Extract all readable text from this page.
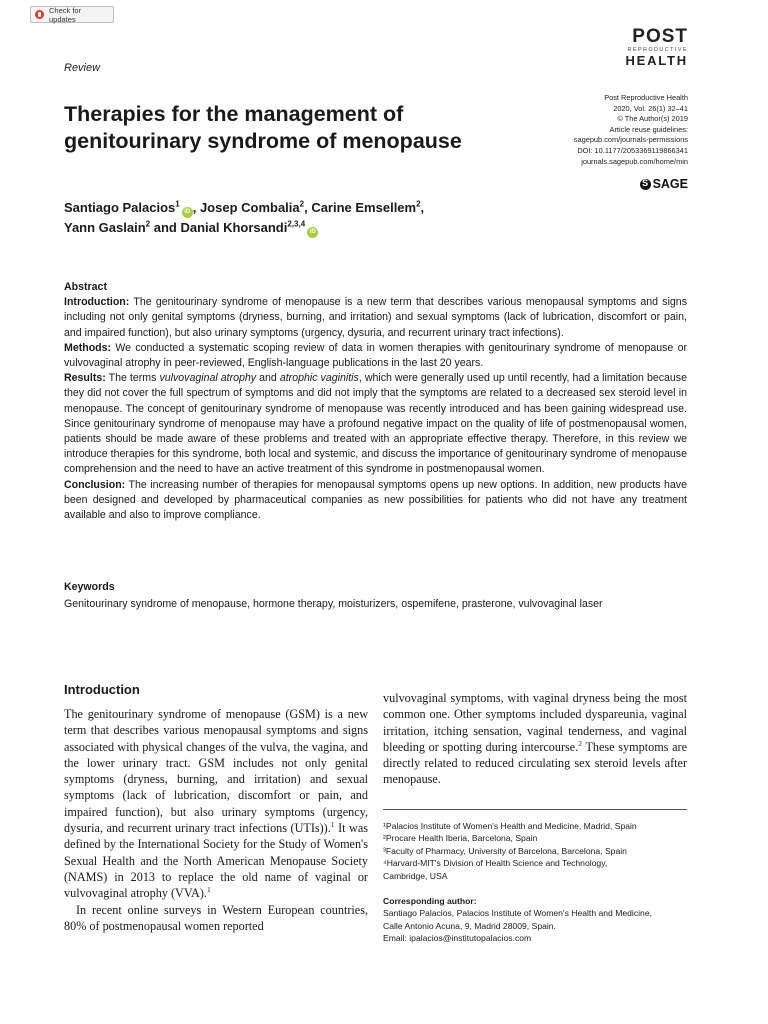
Check for updates
Review
POST
REPRODUCTIVE
HEALTH
Therapies for the management of genitourinary syndrome of menopause
Post Reproductive Health
2020, Vol. 26(1) 32–41
© The Author(s) 2019
Article reuse guidelines:
sagepub.com/journals-permissions
DOI: 10.1177/2053369119866341
journals.sagepub.com/home/min
S
SAGE
Santiago Palacios$^1$iD , Josep Combalia$^2$, Carine Emsellem$^2$,
Yann Gaslain$^2$ and Danial Khorsandi$^{2,3,4}$iD

Abstract

Introduction: The genitourinary syndrome of menopause is a new term that describes various menopausal symptoms and signs including not only genital symptoms (dryness, burning, and irritation) and sexual symptoms (lack of lubrication, discomfort or pain, and impaired function), but also urinary symptoms (urgency, dysuria, and recurrent urinary tract infections).

Methods: We conducted a systematic scoping review of data in women therapies with genitourinary syndrome of menopause or vulvovaginal atrophy in peer-reviewed, English-language publications in the last 20 years.

Results: The terms vulvovaginal atrophy and atrophic vaginitis, which were generally used up until recently, had a limitation because they did not cover the full spectrum of symptoms and did not imply that the symptoms are related to a decreased sex steroid level in menopause. The concept of genitourinary syndrome of menopause was recently introduced and has been gaining widespread use. Since genitourinary syndrome of menopause may have a profound negative impact on the quality of life of postmenopausal women, patients should be made aware of these problems and treated with an appropriate effective therapy. Therefore, in this review we introduce therapies for this syndrome, both local and systemic, and discuss the importance of genitourinary syndrome of menopause comprehension and the need to have an active treatment of this syndrome in postmenopausal women.

Conclusion: The increasing number of therapies for menopausal symptoms opens up new options. In addition, new products have been designed and developed by pharmaceutical companies as new possibilities for patients who did not have any treatment available and also to improve compliance.

Keywords
Genitourinary syndrome of menopause, hormone therapy, moisturizers, ospemifene, prasterone, vulvovaginal laser
Introduction

The genitourinary syndrome of menopause (GSM) is a new term that describes various menopausal symptoms and signs associated with physical changes of the vulva, the vagina, and the lower urinary tract. GSM includes not only genital symptoms (dryness, burning, and irritation) and sexual symptoms (lack of lubrication, discomfort or pain, and impaired function), but also urinary symptoms (urgency, dysuria, and recurrent urinary tract infections (UTIs)).$^1$ It was defined by the International Society for the Study of Women's Sexual Health and the North American Menopause Society (NAMS) in 2013 to replace the old name of vaginal or vulvovaginal atrophy (VVA).$^1$

In recent online surveys in Western European countries, 80% of postmenopausal women reported

vulvovaginal symptoms, with vaginal dryness being the most common one. Other symptoms included dyspareunia, vaginal irritation, itching sensation, vaginal tenderness, and vaginal bleeding or spotting during intercourse.$^2$ These symptoms are directly related to reduced circulating sex steroid levels after menopause.
¹Palacios Institute of Women's Health and Medicine, Madrid, Spain
²Procare Health Iberia, Barcelona, Spain
³Faculty of Pharmacy, University of Barcelona, Barcelona, Spain
⁴Harvard-MIT's Division of Health Science and Technology,
Cambridge, USA
Corresponding author:
Santiago Palacios, Palacios Institute of Women's Health and Medicine,
Calle Antonio Acuna, 9, Madrid 28009, Spain.
Email: ipalacios@institutopalacios.com
